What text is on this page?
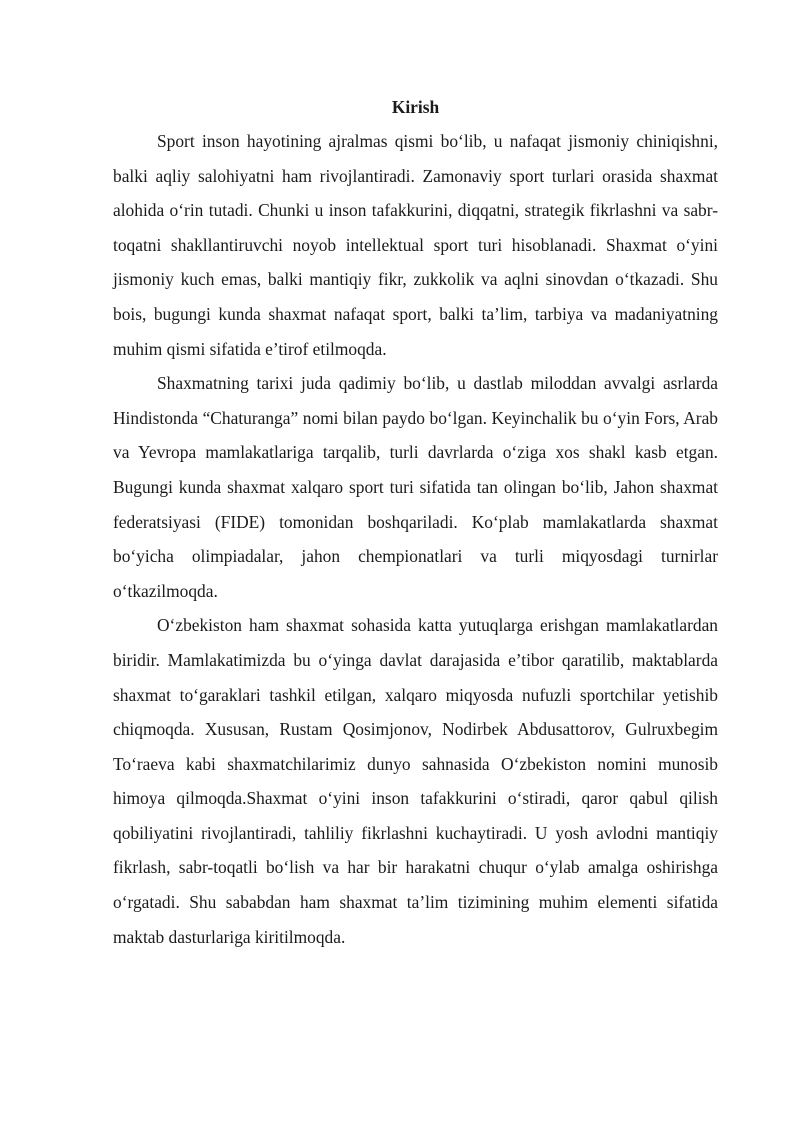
Kirish

Sport inson hayotining ajralmas qismi bo‘lib, u nafaqat jismoniy chiniqishni, balki aqliy salohiyatni ham rivojlantiradi. Zamonaviy sport turlari orasida shaxmat alohida o‘rin tutadi. Chunki u inson tafakkurini, diqqatni, strategik fikrlashni va sabr-toqatni shakllantiruvchi noyob intellektual sport turi hisoblanadi. Shaxmat o‘yini jismoniy kuch emas, balki mantiqiy fikr, zukkolik va aqlni sinovdan o‘tkazadi. Shu bois, bugungi kunda shaxmat nafaqat sport, balki ta’lim, tarbiya va madaniyatning muhim qismi sifatida e’tirof etilmoqda.

Shaxmatning tarixi juda qadimiy bo‘lib, u dastlab miloddan avvalgi asrlarda Hindistonda “Chaturanga” nomi bilan paydo bo‘lgan. Keyinchalik bu o‘yin Fors, Arab va Yevropa mamlakatlariga tarqalib, turli davrlarda o‘ziga xos shakl kasb etgan. Bugungi kunda shaxmat xalqaro sport turi sifatida tan olingan bo‘lib, Jahon shaxmat federatsiyasi (FIDE) tomonidan boshqariladi. Ko‘plab mamlakatlarda shaxmat bo‘yicha olimpiadalar, jahon chempionatlari va turli miqyosdagi turnirlar o‘tkazilmoqda.

O‘zbekiston ham shaxmat sohasida katta yutuqlarga erishgan mamlakatlardan biridir. Mamlakatimizda bu o‘yinga davlat darajasida e’tibor qaratilib, maktablarda shaxmat to‘garaklari tashkil etilgan, xalqaro miqyosda nufuzli sportchilar yetishib chiqmoqda. Xususan, Rustam Qosimjonov, Nodirbek Abdusattorov, Gulruxbegim To‘raeva kabi shaxmatchilarimiz dunyo sahnasida O‘zbekiston nomini munosib himoya qilmoqda.Shaxmat o‘yini inson tafakkurini o‘stiradi, qaror qabul qilish qobiliyatini rivojlantiradi, tahliliy fikrlashni kuchaytiradi. U yosh avlodni mantiqiy fikrlash, sabr-toqatli bo‘lish va har bir harakatni chuqur o‘ylab amalga oshirishga o‘rgatadi. Shu sababdan ham shaxmat ta’lim tizimining muhim elementi sifatida maktab dasturlariga kiritilmoqda.
